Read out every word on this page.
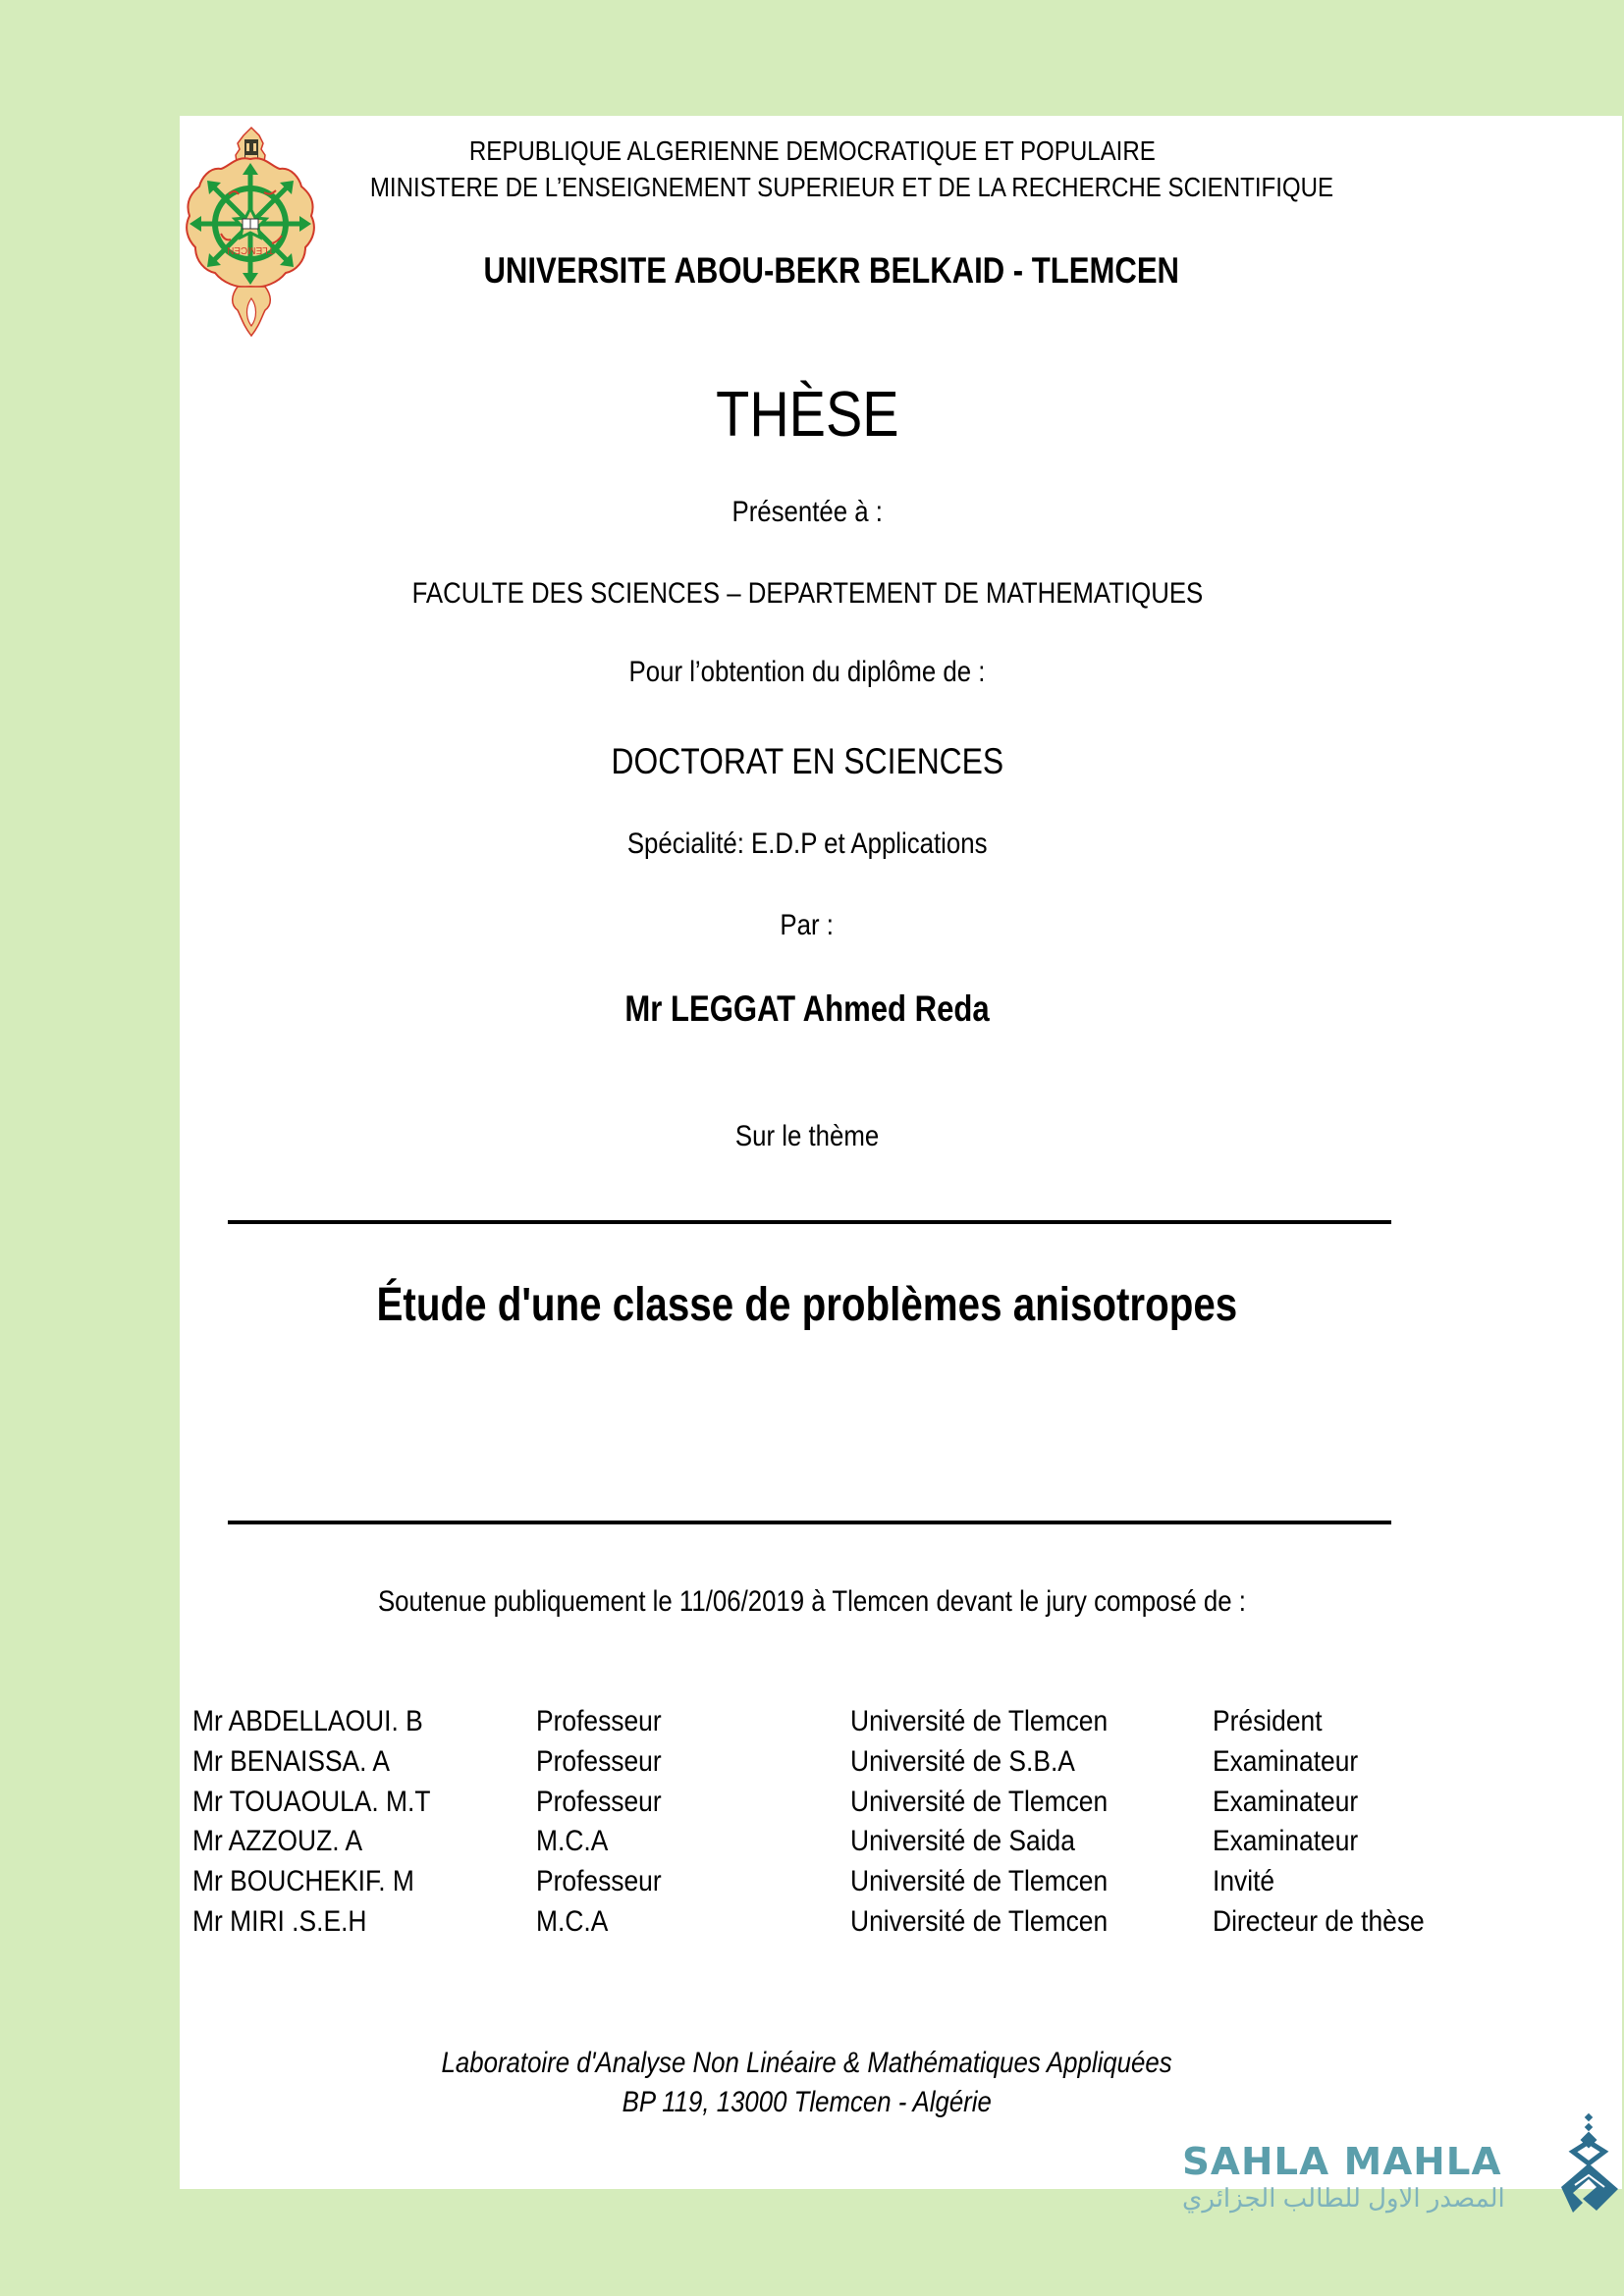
TLEMCEN
REPUBLIQUE ALGERIENNE DEMOCRATIQUE ET POPULAIRE
MINISTERE DE L’ENSEIGNEMENT SUPERIEUR ET DE LA RECHERCHE SCIENTIFIQUE
UNIVERSITE ABOU-BEKR BELKAID - TLEMCEN
THÈSE
Présentée à :
FACULTE DES SCIENCES – DEPARTEMENT DE MATHEMATIQUES
Pour l’obtention du diplôme de :
DOCTORAT EN SCIENCES
Spécialité: E.D.P et Applications
Par :
Mr LEGGAT Ahmed Reda
Sur le thème
Étude d'une classe de problèmes anisotropes
Soutenue publiquement le 11/06/2019 à Tlemcen devant le jury composé de :
Mr ABDELLAOUI. B	Professeur	Université de Tlemcen	Président
Mr BENAISSA. A	Professeur	Université de S.B.A	Examinateur
Mr TOUAOULA. M.T	Professeur	Université de Tlemcen	Examinateur
Mr AZZOUZ. A	M.C.A	Université de Saida	Examinateur
Mr BOUCHEKIF. M	Professeur	Université de Tlemcen	Invité
Mr MIRI .S.E.H	M.C.A	Université de Tlemcen	Directeur de thèse
Laboratoire d'Analyse Non Linéaire & Mathématiques Appliquées
BP 119, 13000 Tlemcen - Algérie
SAHLA MAHLA
المصدر الاول للطالب الجزائري
